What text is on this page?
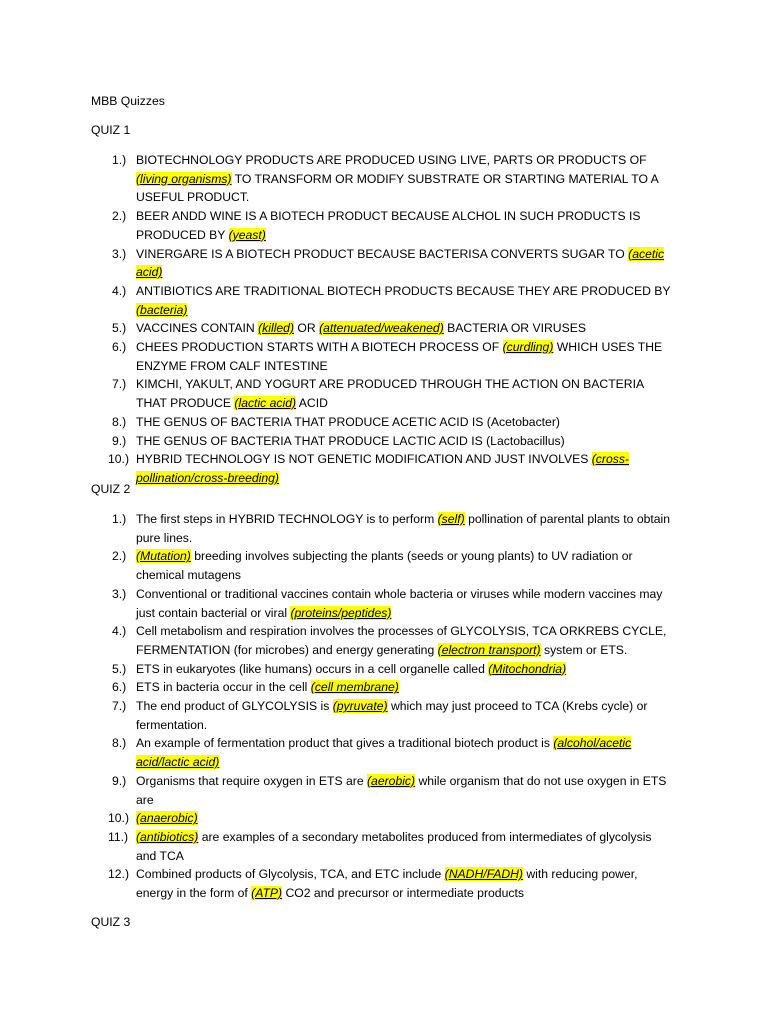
MBB Quizzes
QUIZ 1
1.) BIOTECHNOLOGY PRODUCTS ARE PRODUCED USING LIVE, PARTS OR PRODUCTS OF (living organisms) TO TRANSFORM OR MODIFY SUBSTRATE OR STARTING MATERIAL TO A USEFUL PRODUCT.
2.) BEER ANDD WINE IS A BIOTECH PRODUCT BECAUSE ALCHOL IN SUCH PRODUCTS IS PRODUCED BY (yeast)
3.) VINERGARE IS A BIOTECH PRODUCT BECAUSE BACTERISA CONVERTS SUGAR TO (acetic acid)
4.) ANTIBIOTICS ARE TRADITIONAL BIOTECH PRODUCTS BECAUSE THEY ARE PRODUCED BY (bacteria)
5.) VACCINES CONTAIN (killed) OR (attenuated/weakened) BACTERIA OR VIRUSES
6.) CHEES PRODUCTION STARTS WITH A BIOTECH PROCESS OF (curdling) WHICH USES THE ENZYME FROM CALF INTESTINE
7.) KIMCHI, YAKULT, AND YOGURT ARE PRODUCED THROUGH THE ACTION ON BACTERIA THAT PRODUCE (lactic acid) ACID
8.) THE GENUS OF BACTERIA THAT PRODUCE ACETIC ACID IS (Acetobacter)
9.) THE GENUS OF BACTERIA THAT PRODUCE LACTIC ACID IS (Lactobacillus)
10.) HYBRID TECHNOLOGY IS NOT GENETIC MODIFICATION AND JUST INVOLVES (cross-pollination/cross-breeding)
QUIZ 2
1.) The first steps in HYBRID TECHNOLOGY is to perform (self) pollination of parental plants to obtain pure lines.
2.) (Mutation) breeding involves subjecting the plants (seeds or young plants) to UV radiation or chemical mutagens
3.) Conventional or traditional vaccines contain whole bacteria or viruses while modern vaccines may just contain bacterial or viral (proteins/peptides)
4.) Cell metabolism and respiration involves the processes of GLYCOLYSIS, TCA ORKREBS CYCLE, FERMENTATION (for microbes) and energy generating (electron transport) system or ETS.
5.) ETS in eukaryotes (like humans) occurs in a cell organelle called (Mitochondria)
6.) ETS in bacteria occur in the cell (cell membrane)
7.) The end product of GLYCOLYSIS is (pyruvate) which may just proceed to TCA (Krebs cycle) or fermentation.
8.) An example of fermentation product that gives a traditional biotech product is (alcohol/acetic acid/lactic acid)
9.) Organisms that require oxygen in ETS are (aerobic) while organism that do not use oxygen in ETS are
10.) (anaerobic)
11.) (antibiotics) are examples of a secondary metabolites produced from intermediates of glycolysis and TCA
12.) Combined products of Glycolysis, TCA, and ETC include (NADH/FADH) with reducing power, energy in the form of (ATP) CO2 and precursor or intermediate products
QUIZ 3
